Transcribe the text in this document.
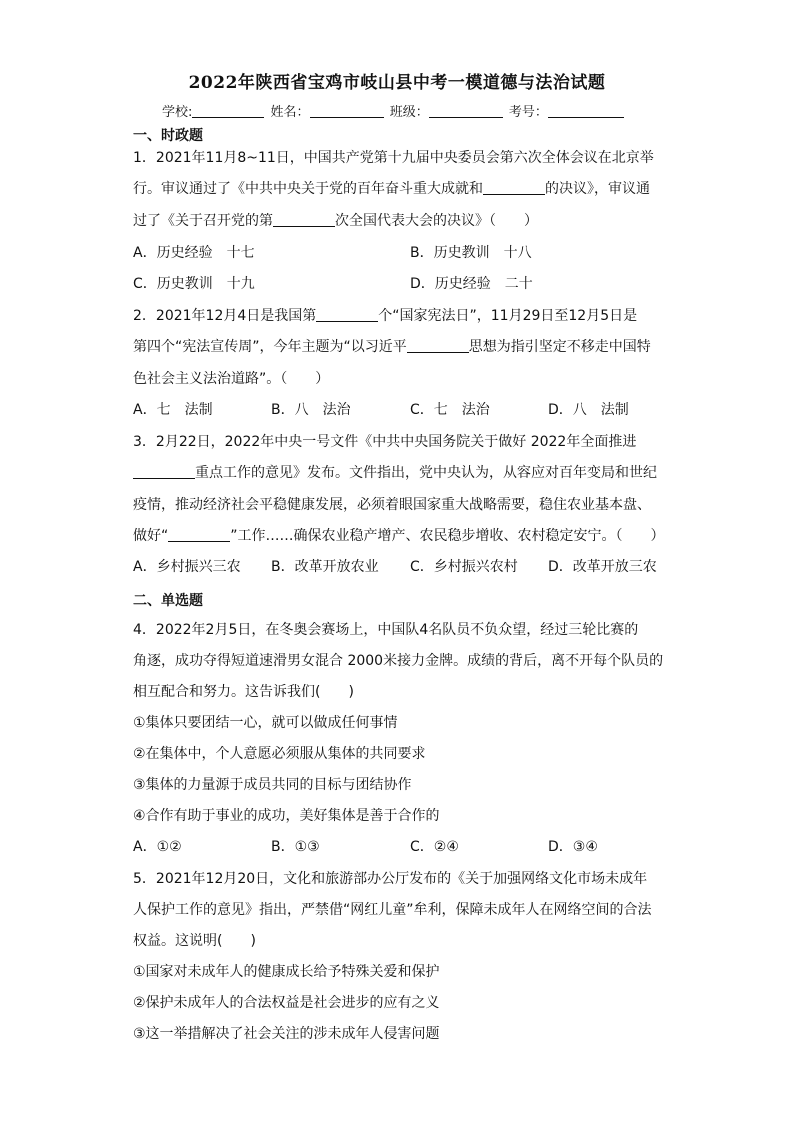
2022年陕西省宝鸡市岐山县中考一模道德与法治试题
学校:	姓名：	班级：	考号：
一、时政题
1．2021年11月8~11日，中国共产党第十九届中央委员会第六次全体会议在北京举
行。审议通过了《中共中央关于党的百年奋斗重大成就和	的决议》，审议通
过了《关于召开党的第	次全国代表大会的决议》（　　）
A．历史经验　十七	B．历史教训　十八
C．历史教训　十九	D．历史经验　二十
2．2021年12月4日是我国第	个“国家宪法日”，11月29日至12月5日是
第四个“宪法宣传周”，今年主题为“以习近平	思想为指引坚定不移走中国特
色社会主义法治道路”。（　　）
A．七　法制	B．八　法治	C．七　法治	D．八　法制
3．2月22日，2022年中央一号文件《中共中央国务院关于做好 2022年全面推进
重点工作的意见》发布。文件指出，党中央认为，从容应对百年变局和世纪
疫情，推动经济社会平稳健康发展，必须着眼国家重大战略需要，稳住农业基本盘、
做好“	”工作……确保农业稳产增产、农民稳步增收、农村稳定安宁。（　　）
A．乡村振兴三农 B．改革开放农业 C．乡村振兴农村 D．改革开放三农
二、单选题
4．2022年2月5日，在冬奥会赛场上，中国队4名队员不负众望，经过三轮比赛的
角逐，成功夺得短道速滑男女混合 2000米接力金牌。成绩的背后，离不开每个队员的
相互配合和努力。这告诉我们(　　)
①集体只要团结一心，就可以做成任何事情
②在集体中，个人意愿必须服从集体的共同要求
③集体的力量源于成员共同的目标与团结协作
④合作有助于事业的成功，美好集体是善于合作的
A．①②	B．①③	C．②④	D．③④
5．2021年12月20日，文化和旅游部办公厅发布的《关于加强网络文化市场未成年
人保护工作的意见》指出，严禁借“网红儿童”牟利，保障未成年人在网络空间的合法
权益。这说明(　　)
①国家对未成年人的健康成长给予特殊关爱和保护
②保护未成年人的合法权益是社会进步的应有之义
③这一举措解决了社会关注的涉未成年人侵害问题
